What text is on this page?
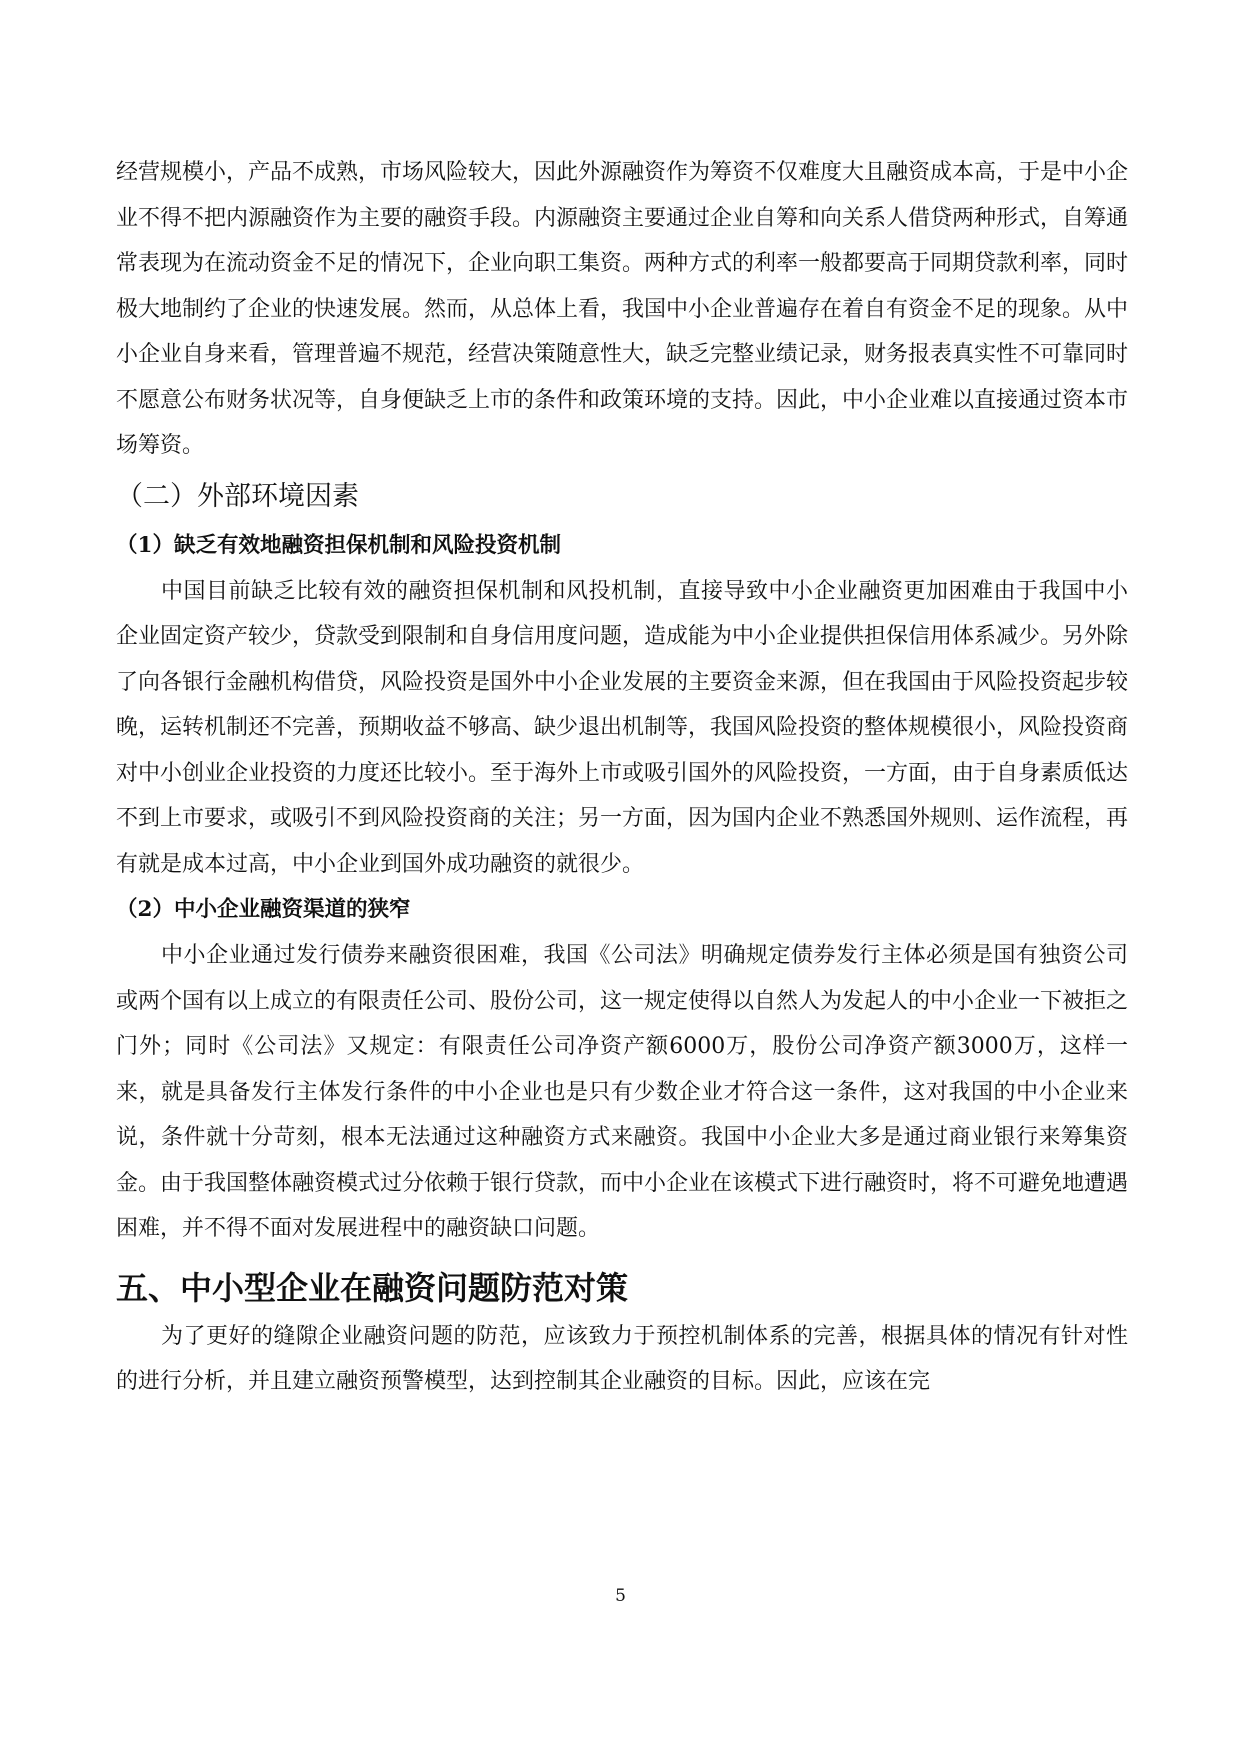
经营规模小，产品不成熟，市场风险较大，因此外源融资作为筹资不仅难度大且融资成本高，于是中小企业不得不把内源融资作为主要的融资手段。内源融资主要通过企业自筹和向关系人借贷两种形式，自筹通常表现为在流动资金不足的情况下，企业向职工集资。两种方式的利率一般都要高于同期贷款利率，同时极大地制约了企业的快速发展。然而，从总体上看，我国中小企业普遍存在着自有资金不足的现象。从中小企业自身来看，管理普遍不规范，经营决策随意性大，缺乏完整业绩记录，财务报表真实性不可靠同时不愿意公布财务状况等，自身便缺乏上市的条件和政策环境的支持。因此，中小企业难以直接通过资本市场筹资。

（二）外部环境因素
（1）缺乏有效地融资担保机制和风险投资机制

中国目前缺乏比较有效的融资担保机制和风投机制，直接导致中小企业融资更加困难由于我国中小企业固定资产较少，贷款受到限制和自身信用度问题，造成能为中小企业提供担保信用体系减少。另外除了向各银行金融机构借贷，风险投资是国外中小企业发展的主要资金来源，但在我国由于风险投资起步较晚，运转机制还不完善，预期收益不够高、缺少退出机制等，我国风险投资的整体规模很小，风险投资商对中小创业企业投资的力度还比较小。至于海外上市或吸引国外的风险投资，一方面，由于自身素质低达不到上市要求，或吸引不到风险投资商的关注；另一方面，因为国内企业不熟悉国外规则、运作流程，再有就是成本过高，中小企业到国外成功融资的就很少。

（2）中小企业融资渠道的狭窄

中小企业通过发行债券来融资很困难，我国《公司法》明确规定债券发行主体必须是国有独资公司或两个国有以上成立的有限责任公司、股份公司，这一规定使得以自然人为发起人的中小企业一下被拒之门外；同时《公司法》又规定：有限责任公司净资产额6000万，股份公司净资产额3000万，这样一来，就是具备发行主体发行条件的中小企业也是只有少数企业才符合这一条件，这对我国的中小企业来说，条件就十分苛刻，根本无法通过这种融资方式来融资。我国中小企业大多是通过商业银行来筹集资金。由于我国整体融资模式过分依赖于银行贷款，而中小企业在该模式下进行融资时，将不可避免地遭遇困难，并不得不面对发展进程中的融资缺口问题。

五、中小型企业在融资问题防范对策

为了更好的缝隙企业融资问题的防范，应该致力于预控机制体系的完善，根据具体的情况有针对性的进行分析，并且建立融资预警模型，达到控制其企业融资的目标。因此，应该在完

5
